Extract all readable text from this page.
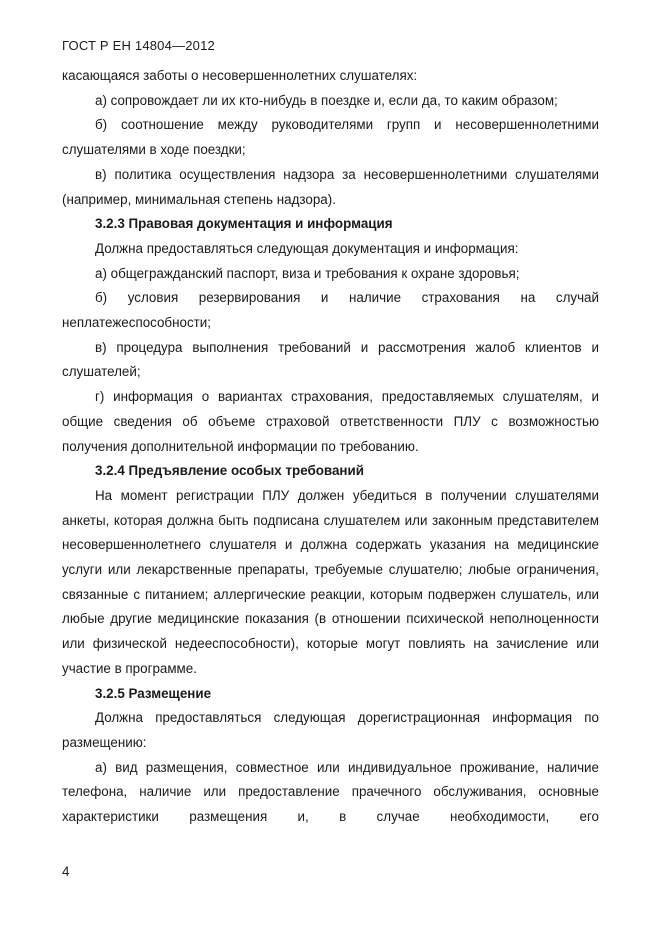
ГОСТ Р ЕН 14804—2012

касающаяся заботы о несовершеннолетних слушателях:

а) сопровождает ли их кто-нибудь в поездке и, если да, то каким образом;

б) соотношение между руководителями групп и несовершеннолетними слушателями в ходе поездки;

в) политика осуществления надзора за несовершеннолетними слушателями (например, минимальная степень надзора).

3.2.3 Правовая документация и информация

Должна предоставляться следующая документация и информация:

а) общегражданский паспорт, виза и требования к охране здоровья;

б) условия резервирования и наличие страхования на случай неплатежеспособности;

в) процедура выполнения требований и рассмотрения жалоб клиентов и слушателей;

г) информация о вариантах страхования, предоставляемых слушателям, и общие сведения об объеме страховой ответственности ПЛУ с возможностью получения дополнительной информации по требованию.

3.2.4 Предъявление особых требований

На момент регистрации ПЛУ должен убедиться в получении слушателями анкеты, которая должна быть подписана слушателем или законным представителем несовершеннолетнего слушателя и должна содержать указания на медицинские услуги или лекарственные препараты, требуемые слушателю; любые ограничения, связанные с питанием; аллергические реакции, которым подвержен слушатель, или любые другие медицинские показания (в отношении психической неполноценности или физической недееспособности), которые могут повлиять на зачисление или участие в программе.

3.2.5 Размещение

Должна предоставляться следующая дорегистрационная информация по размещению:

а) вид размещения, совместное или индивидуальное проживание, наличие телефона, наличие или предоставление прачечного обслуживания, основные характеристики размещения и, в случае необходимости, его

4
